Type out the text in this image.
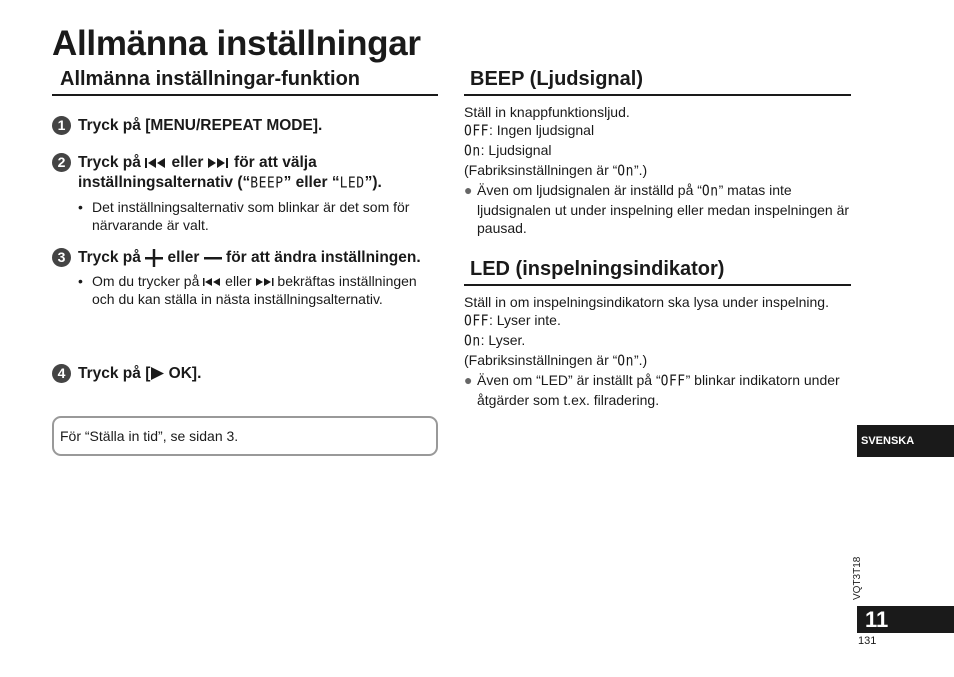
Allmänna inställningar
Allmänna inställningar-funktion
1 Tryck på [MENU/REPEAT MODE].
2 Tryck på eller för att välja
inställningsalternativ (“BEEP” eller “LED”).
• Det inställningsalternativ som blinkar är det som för närvarande är valt.
3 Tryck på eller för att ändra inställningen.
• Om du trycker på eller bekräftas inställningen och du kan ställa in nästa inställningsalternativ.
4 Tryck på [ OK].
För “Ställa in tid”, se sidan 3.
BEEP (Ljudsignal)
Ställ in knappfunktionsljud.
OFF: Ingen ljudsignal
On: Ljudsignal
(Fabriksinställningen är “On”.)
● Även om ljudsignalen är inställd på “On” matas inte ljudsignalen ut under inspelning eller medan inspelningen är pausad.
LED (inspelningsindikator)
Ställ in om inspelningsindikatorn ska lysa under inspelning.
OFF: Lyser inte.
On: Lyser.
(Fabriksinställningen är “On”.)
● Även om “LED” är inställt på “OFF” blinkar indikatorn under åtgärder som t.ex. filradering.
SVENSKA
VQT3T18
11
131
